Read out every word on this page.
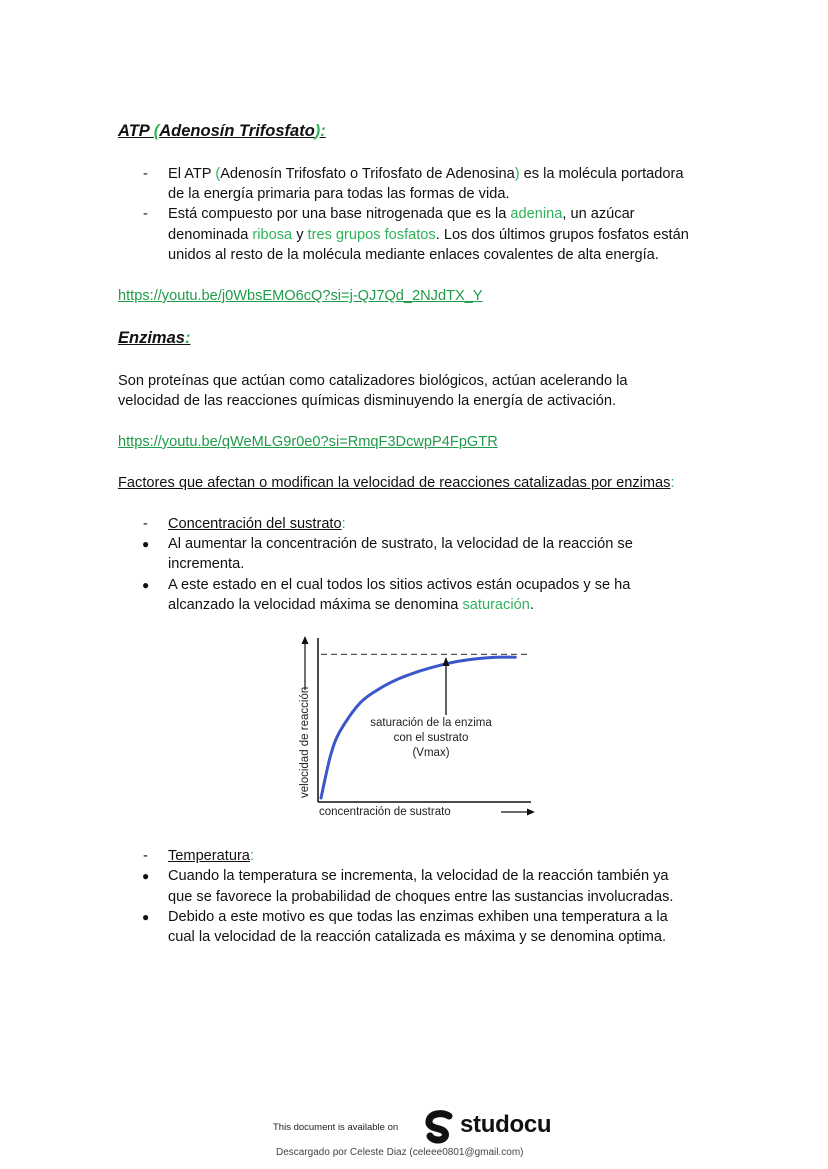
ATP (Adenosín Trifosfato):
- El ATP (Adenosín Trifosfato o Trifosfato de Adenosina) es la molécula portadora
de la energía primaria para todas las formas de vida.
- Está compuesto por una base nitrogenada que es la adenina, un azúcar
denominada ribosa y tres grupos fosfatos. Los dos últimos grupos fosfatos están
unidos al resto de la molécula mediante enlaces covalentes de alta energía.
https://youtu.be/j0WbsEMO6cQ?si=j-QJ7Qd_2NJdTX_Y
Enzimas:
Son proteínas que actúan como catalizadores biológicos, actúan acelerando la
velocidad de las reacciones químicas disminuyendo la energía de activación.
https://youtu.be/qWeMLG9r0e0?si=RmqF3DcwpP4FpGTR
Factores que afectan o modifican la velocidad de reacciones catalizadas por enzimas:
- Concentración del sustrato:
● Al aumentar la concentración de sustrato, la velocidad de la reacción se
incrementa.
● A este estado en el cual todos los sitios activos están ocupados y se ha
alcanzado la velocidad máxima se denomina saturación.
saturación de la enzima
con el sustrato
(Vmax)
concentración de sustrato
velocidad de reacción
- Temperatura:
● Cuando la temperatura se incrementa, la velocidad de la reacción también ya
que se favorece la probabilidad de choques entre las sustancias involucradas.
● Debido a este motivo es que todas las enzimas exhiben una temperatura a la
cual la velocidad de la reacción catalizada es máxima y se denomina optima.
This document is available on	studocu
Descargado por Celeste Diaz (celeee0801@gmail.com)
